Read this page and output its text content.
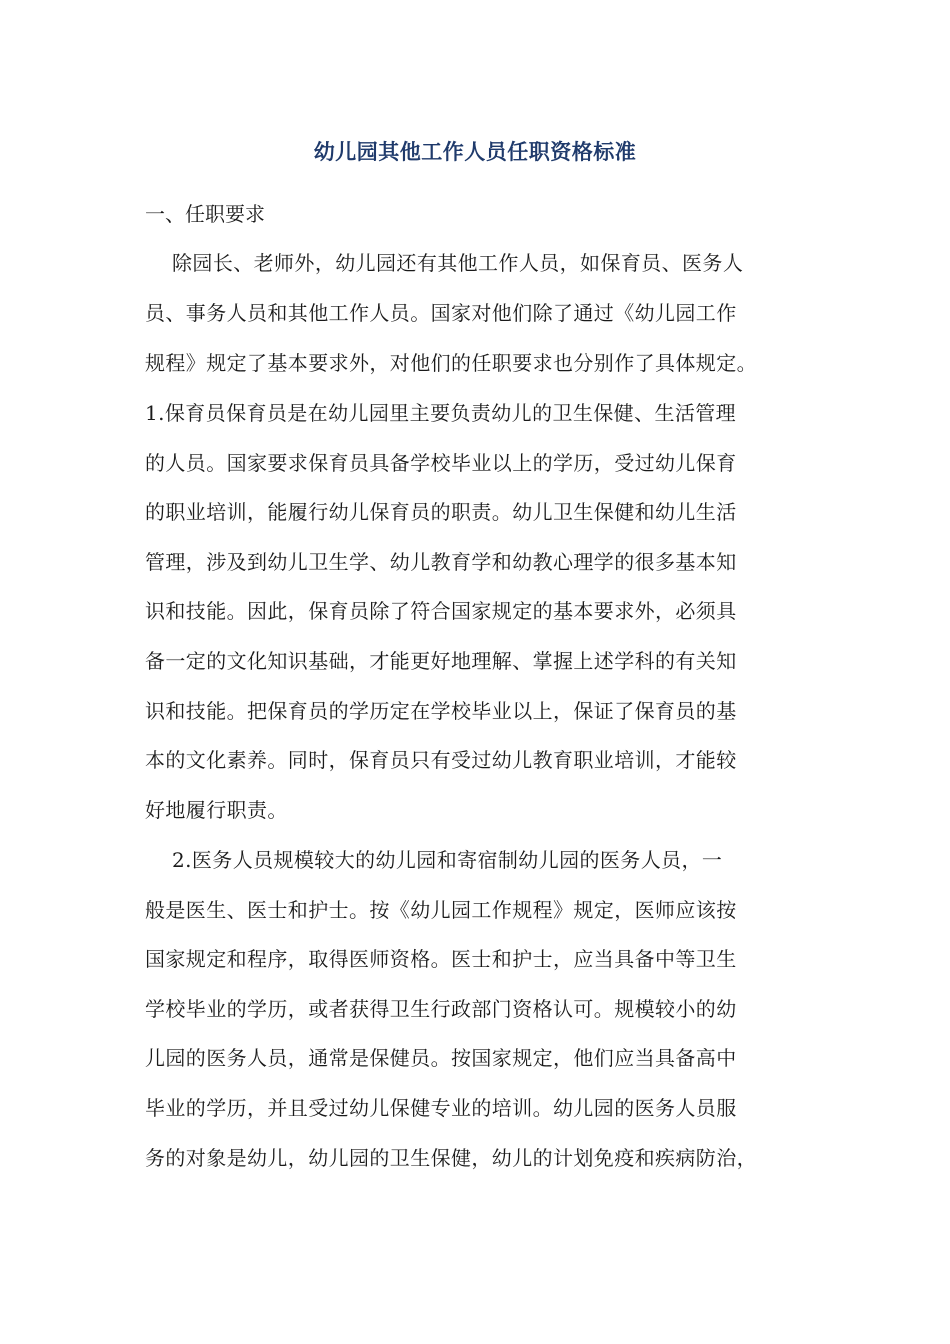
幼儿园其他工作人员任职资格标准
一、任职要求
除园长、老师外，幼儿园还有其他工作人员，如保育员、医务人
员、事务人员和其他工作人员。国家对他们除了通过《幼儿园工作
规程》规定了基本要求外，对他们的任职要求也分别作了具体规定。
1.保育员保育员是在幼儿园里主要负责幼儿的卫生保健、生活管理
的人员。国家要求保育员具备学校毕业以上的学历，受过幼儿保育
的职业培训，能履行幼儿保育员的职责。幼儿卫生保健和幼儿生活
管理，涉及到幼儿卫生学、幼儿教育学和幼教心理学的很多基本知
识和技能。因此，保育员除了符合国家规定的基本要求外，必须具
备一定的文化知识基础，才能更好地理解、掌握上述学科的有关知
识和技能。把保育员的学历定在学校毕业以上，保证了保育员的基
本的文化素养。同时，保育员只有受过幼儿教育职业培训，才能较
好地履行职责。
2.医务人员规模较大的幼儿园和寄宿制幼儿园的医务人员，一
般是医生、医士和护士。按《幼儿园工作规程》规定，医师应该按
国家规定和程序，取得医师资格。医士和护士，应当具备中等卫生
学校毕业的学历，或者获得卫生行政部门资格认可。规模较小的幼
儿园的医务人员，通常是保健员。按国家规定，他们应当具备高中
毕业的学历，并且受过幼儿保健专业的培训。幼儿园的医务人员服
务的对象是幼儿，幼儿园的卫生保健，幼儿的计划免疫和疾病防治，
